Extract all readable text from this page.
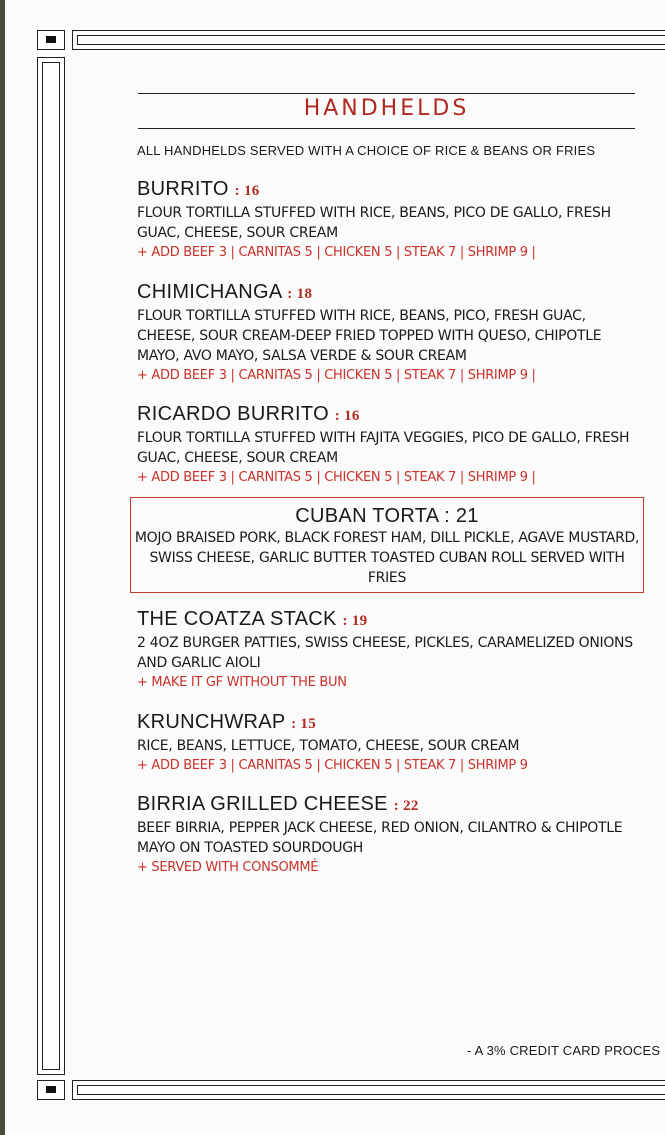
HANDHELDS
ALL HANDHELDS SERVED WITH A CHOICE OF RICE & BEANS OR FRIES
BURRITO : 16
FLOUR TORTILLA STUFFED WITH RICE, BEANS, PICO DE GALLO, FRESH GUAC, CHEESE, SOUR CREAM
+ ADD BEEF 3 | CARNITAS 5 | CHICKEN 5 | STEAK 7 | SHRIMP 9 |
CHIMICHANGA : 18
FLOUR TORTILLA STUFFED WITH RICE, BEANS, PICO, FRESH GUAC, CHEESE, SOUR CREAM-DEEP FRIED TOPPED WITH QUESO, CHIPOTLE MAYO, AVO MAYO, SALSA VERDE & SOUR CREAM
+ ADD BEEF 3 | CARNITAS 5 | CHICKEN 5 | STEAK 7 | SHRIMP 9 |
RICARDO BURRITO : 16
FLOUR TORTILLA STUFFED WITH FAJITA VEGGIES, PICO DE GALLO, FRESH GUAC, CHEESE, SOUR CREAM
+ ADD BEEF 3 | CARNITAS 5 | CHICKEN 5 | STEAK 7 | SHRIMP 9 |
CUBAN TORTA : 21
MOJO BRAISED PORK, BLACK FOREST HAM, DILL PICKLE, AGAVE MUSTARD, SWISS CHEESE, GARLIC BUTTER TOASTED CUBAN ROLL SERVED WITH FRIES
THE COATZA STACK : 19
2 4OZ BURGER PATTIES, SWISS CHEESE, PICKLES, CARAMELIZED ONIONS AND GARLIC AIOLI
+ MAKE IT GF WITHOUT THE BUN
KRUNCHWRAP : 15
RICE, BEANS, LETTUCE, TOMATO, CHEESE, SOUR CREAM
+ ADD BEEF 3 | CARNITAS 5 | CHICKEN 5 | STEAK 7 | SHRIMP 9
BIRRIA GRILLED CHEESE : 22
BEEF BIRRIA, PEPPER JACK CHEESE, RED ONION, CILANTRO & CHIPOTLE MAYO ON TOASTED SOURDOUGH
+ SERVED WITH CONSOMMÉ
- A 3% CREDIT CARD PROCES
